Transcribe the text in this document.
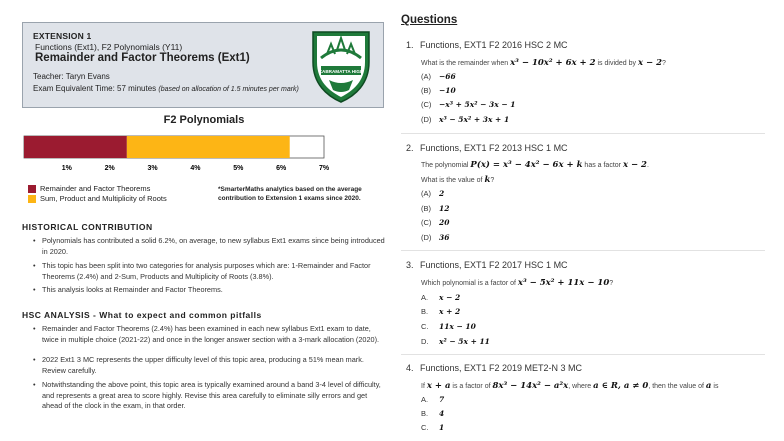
EXTENSION 1
Functions (Ext1), F2 Polynomials (Y11)
Remainder and Factor Theorems (Ext1)
Teacher: Taryn Evans
Exam Equivalent Time: 57 minutes (based on allocation of 1.5 minutes per mark)
CABRAMATTA HIGH
F2 Polynomials
1%	2%	3%	4%	5%	6%	7%
Remainder and Factor Theorems
Sum, Product and Multiplicity of Roots
*SmarterMaths analytics based on the average contribution to Extension 1 exams since 2020.
HISTORICAL CONTRIBUTION
• Polynomials has contributed a solid 6.2%, on average, to new syllabus Ext1 exams since being introduced in 2020.
• This topic has been split into two categories for analysis purposes which are: 1-Remainder and Factor Theorems (2.4%) and 2-Sum, Products and Multiplicity of Roots (3.8%).
• This analysis looks at Remainder and Factor Theorems.
HSC ANALYSIS - What to expect and common pitfalls
• Remainder and Factor Theorems (2.4%) has been examined in each new syllabus Ext1 exam to date, twice in multiple choice (2021-22) and once in the longer answer section with a 3-mark allocation (2020).
• 2022 Ext1 3 MC represents the upper difficulty level of this topic area, producing a 51% mean mark. Review carefully.
• Notwithstanding the above point, this topic area is typically examined around a band 3-4 level of difficulty, and represents a great area to score highly. Revise this area carefully to eliminate silly errors and get ahead of the clock in the exam, in that order.
Questions
1. Functions, EXT1 F2 2016 HSC 2 MC
What is the remainder when x³ − 10x² + 6x + 2 is divided by x − 2?
(A)	−66
(B)	−10
(C)	−x³ + 5x² − 3x − 1
(D)	x³ − 5x² + 3x + 1
2. Functions, EXT1 F2 2013 HSC 1 MC
The polynomial P(x) = x³ − 4x² − 6x + k has a factor x − 2.
What is the value of k?
(A)	2
(B)	12
(C)	20
(D)	36
3. Functions, EXT1 F2 2017 HSC 1 MC
Which polynomial is a factor of x³ − 5x² + 11x − 10?
A.	x − 2
B.	x + 2
C.	11x − 10
D.	x² − 5x + 11
4. Functions, EXT1 F2 2019 MET2-N 3 MC
If x + a is a factor of 8x³ − 14x² − a²x, where a ∈ R, a ≠ 0, then the value of a is
A.	7
B.	4
C.	1
